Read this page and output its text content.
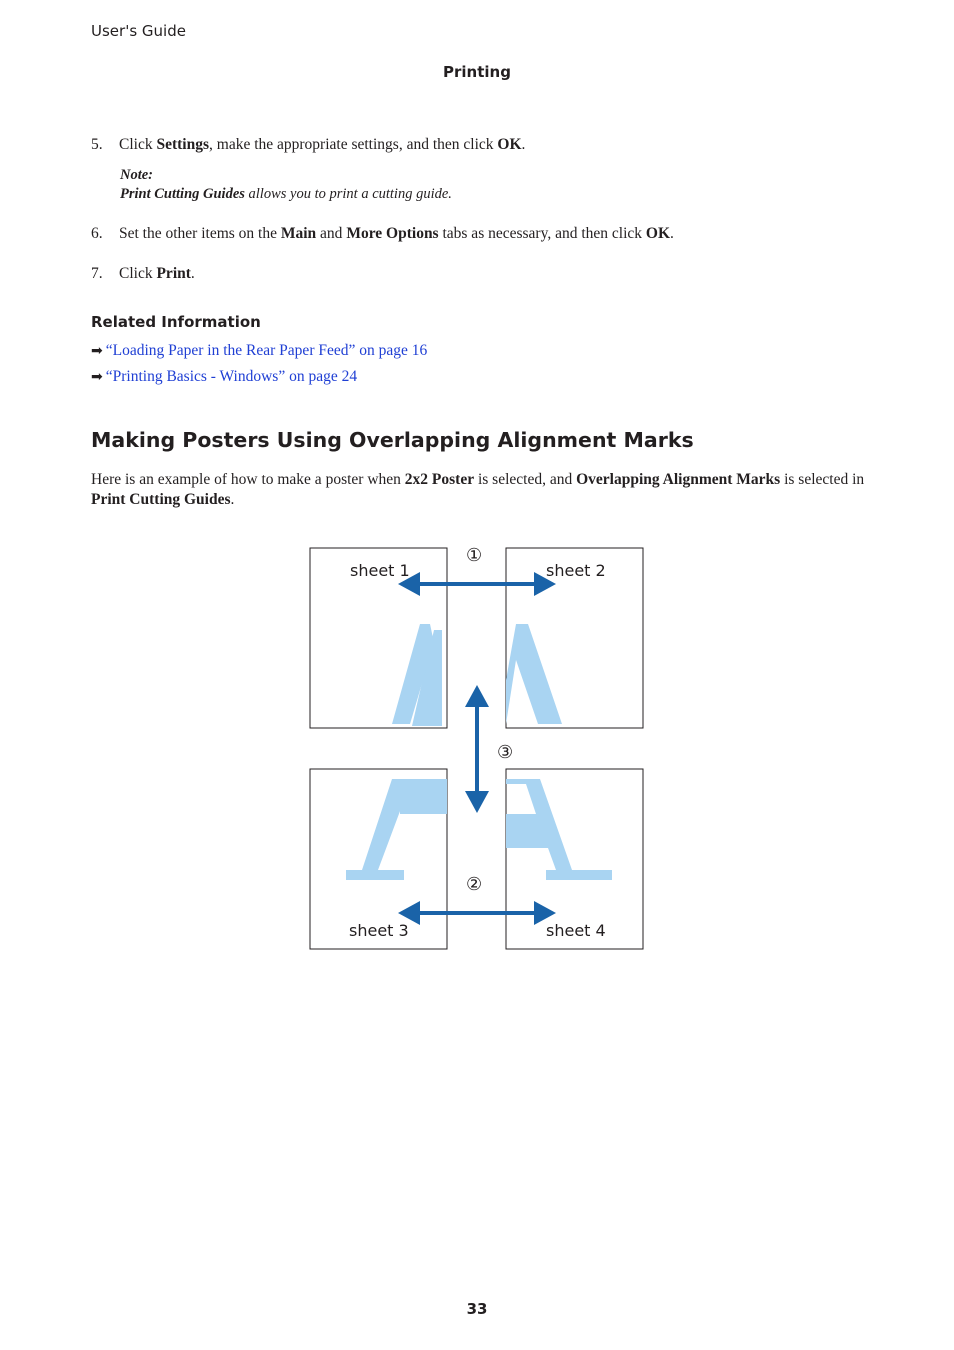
User's Guide
Printing
5. Click Settings, make the appropriate settings, and then click OK.
Note:
Print Cutting Guides allows you to print a cutting guide.
6. Set the other items on the Main and More Options tabs as necessary, and then click OK.
7. Click Print.
Related Information
➡ “Loading Paper in the Rear Paper Feed” on page 16
➡ “Printing Basics - Windows” on page 24
Making Posters Using Overlapping Alignment Marks
Here is an example of how to make a poster when 2x2 Poster is selected, and Overlapping Alignment Marks is selected in Print Cutting Guides.
sheet 1	sheet 2
sheet 3	sheet 4
①
②
③
33
